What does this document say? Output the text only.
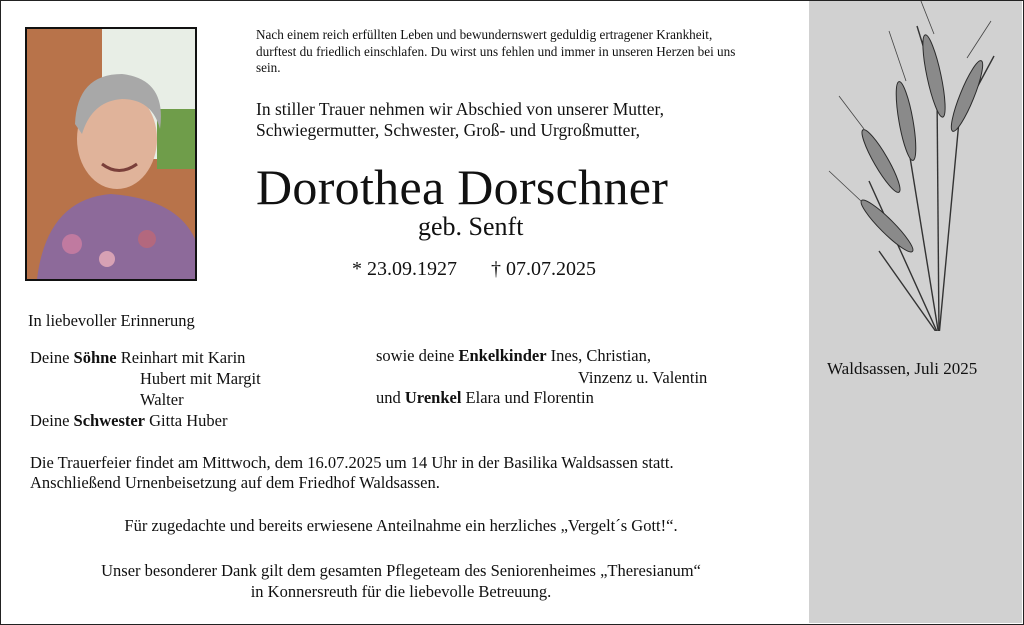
Waldsassen, Juli 2025
Nach einem reich erfüllten Leben und bewundernswert geduldig ertragener Krankheit, durftest du friedlich einschlafen. Du wirst uns fehlen und immer in unseren Herzen bei uns sein.
In stiller Trauer nehmen wir Abschied von unserer Mutter, Schwiegermutter, Schwester, Groß- und Urgroßmutter,
Dorothea Dorschner
geb. Senft
* 23.09.1927 † 07.07.2025
In liebevoller Erinnerung
Deine Söhne Reinhart mit Karin
Hubert mit Margit
Walter
Deine Schwester Gitta Huber
sowie deine Enkelkinder Ines, Christian,
Vinzenz u. Valentin
und Urenkel Elara und Florentin
Die Trauerfeier findet am Mittwoch, dem 16.07.2025 um 14 Uhr in der Basilika Waldsassen statt.
Anschließend Urnenbeisetzung auf dem Friedhof Waldsassen.
Für zugedachte und bereits erwiesene Anteilnahme ein herzliches „Vergelt´s Gott!“.
Unser besonderer Dank gilt dem gesamten Pflegeteam des Seniorenheimes „Theresianum“
in Konnersreuth für die liebevolle Betreuung.
